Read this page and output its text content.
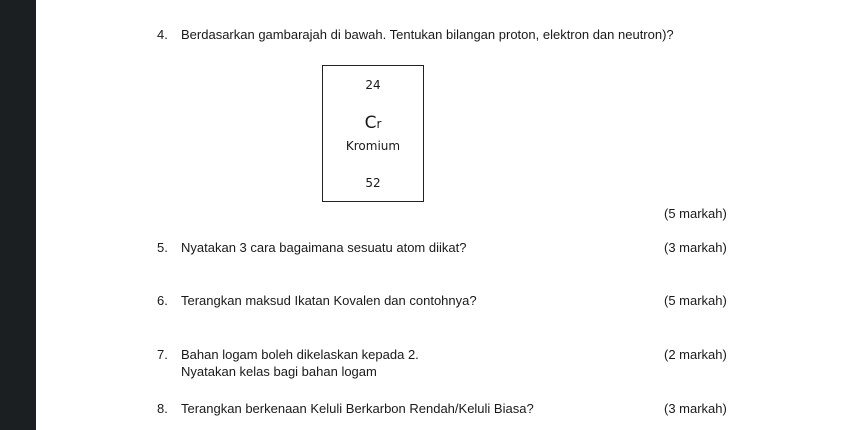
4. Berdasarkan gambarajah di bawah. Tentukan bilangan proton, elektron dan neutron)?
24
Cr
Kromium
52
(5 markah)
5. Nyatakan 3 cara bagaimana sesuatu atom diikat?	(3 markah)
6. Terangkan maksud Ikatan Kovalen dan contohnya?	(5 markah)
7. Bahan logam boleh dikelaskan kepada 2.
Nyatakan kelas bagi bahan logam
(2 markah)
8. Terangkan berkenaan Keluli Berkarbon Rendah/Keluli Biasa?	(3 markah)
